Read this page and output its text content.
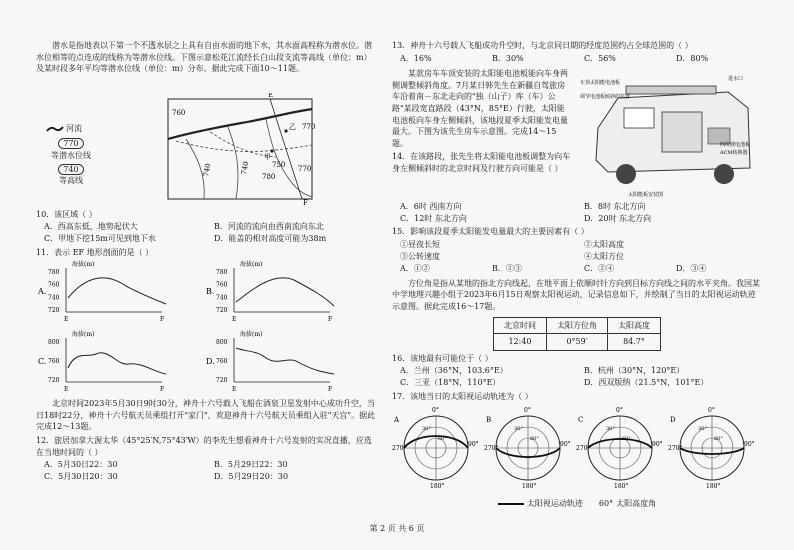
潜水是指地表以下第一个不透水层之上具有自由水面的地下水，其水面高程称为潜水位。潜水位相等的点连成的线称为等潜水位线。下图示意松花江流经长白山段支流等高线（单位：m）及某时段多年平均等潜水位线（单位：m）分布。据此完成下面10～11题。

河流
770
等潜水位线
740
等高线
E
F
甲
乙
760
770
780
750
740	770
740
10．该区域（ ）
A．西高东低，地势起伏大	B．河流的流向由西南流向东北
C．甲地下挖15m可见到地下水	D．能盖的相对高度可能为38m
11．表示 EF 地形剖面的是（ ）
A.
海拔(m)
780
760
740
720
E	F
B.
海拔(m)
780
760
740
720
E	F
C.
海拔(m)
800
760
720
E	F
D.
海拔(m)
800
760
720
E	F

北京时间2023年5月30日9时30分，神舟十六号载人飞船在酒泉卫星发射中心成功升空，当日18时22分，神舟十六号航天员乘组打开"家门"，欢迎神舟十六号航天员乘组入驻"天宫"。据此完成12～13题。

12．旅居加拿大渥太华（45°25′N,75°43′W）的李先生想看神舟十六号发射的实况直播，应选在当地时间的（ ）
A．5月30日22：30	B．5月29日22：30
C．5月30日20：30	D．5月29日20：30
13．神舟十六号载人飞船成功升空时，与北京同日期的经度范围约占全球范围的（ ）
A．16%	B．30%	C．56%	D．80%

某款房车车顶安装的太阳能电池板能向车身两侧调整倾斜角度。7月某日韩先生在新疆自驾旅房车沿着南－东北走向的"独（山子）库（车）公路"某段宽直路段（43°N，85°E）行驶，太阳能电池板向车身左侧倾斜，该地段夏季太阳能发电量最大。下图为该先生房车示意图。完成14～15题。

14．在该路段，张先生将太阳能电池板调整为向车身左侧倾斜时的北京时间及行驶方向可能是（ ）
车顶太阳能电池板
调节电池板倾斜的装置
进水口
四块锂电池板
ACM转换器
太阳能板安装图
A．6时 西南方向	B．8时 东北方向
C．12时 东北方向	D．20时 东北方向
15．影响该段夏季太阳能发电量最大的主要因素有（ ）
①昼夜长短	②太阳高度
③公转速度	④太阳方位
A．①②	B．②③	C．②④	D．③④

方位角是指从某地的指北方向线起，在地平面上依顺时针方向到目标方向线之间的水平夹角。我国某中学地理兴趣小组于2023年6月15日观察太阳视运动，记录信息如下，并绘制了当日的太阳视运动轨迹示意图。据此完成16～17题。

北京时间	太阳方位角	太阳高度
12:40	0°59′	84.7°
16．该地最有可能位于（ ）
A．兰州（36°N，103.6°E）	B．杭州（30°N，120°E）
C．三亚（18°N，110°E）	D．西双版纳（21.5°N，101°E）
17．该地当日的太阳视运动轨迹为（ ）
0°
270°
90°
180°
30°
60°
A
0°
270°
90°
180°
30°
60°
B
0°
270°
90°
180°
30°
60°
C
0°
270°
90°
180°
30°
60°
D
太阳视运动轨迹 60° 太阳高度角
第 2 页 共 6 页
